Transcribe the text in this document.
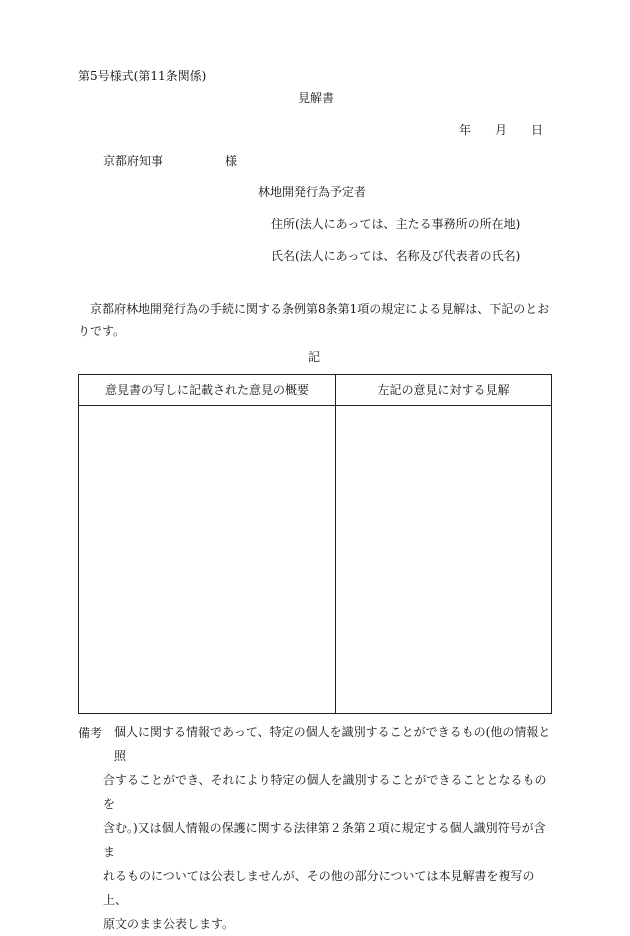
第5号様式(第11条関係)
見解書
年 月 日
京都府知事	様
林地開発行為予定者
住所(法人にあっては、主たる事務所の所在地)
氏名(法人にあっては、名称及び代表者の氏名)
京都府林地開発行為の手続に関する条例第8条第1項の規定による見解は、下記のとおりです。
記
意見書の写しに記載された意見の概要	左記の意見に対する見解
備考 個人に関する情報であって、特定の個人を識別することができるもの(他の情報と照

合することができ、それにより特定の個人を識別することができることとなるものを

含む。)又は個人情報の保護に関する法律第２条第２項に規定する個人識別符号が含ま

れるものについては公表しませんが、その他の部分については本見解書を複写の上、

原文のまま公表します。
